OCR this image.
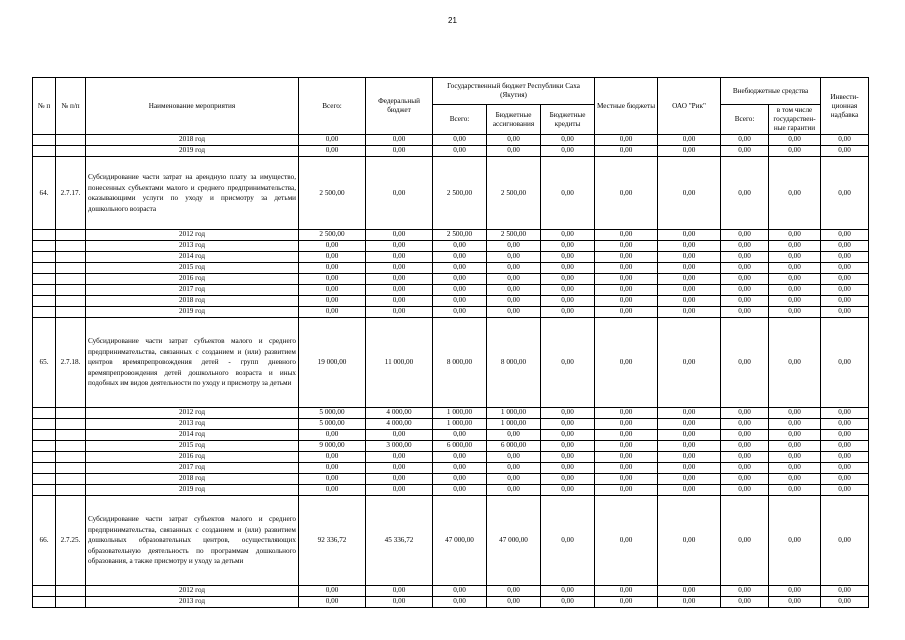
21
№ п	№ п/п	Наименование мероприятия	Всего:	Федеральный бюджет	Государственный бюджет Республики Саха (Якутия)			Местные бюджеты	ОАО "Рик"	Внебюджетные средства		Инвести-ционная надбавка
					Всего:	Бюджетные ассигнования	Бюджетные кредиты			Всего:	в том числе государствен-ные гарантии	
		2018 год	0,00	0,00	0,00	0,00	0,00	0,00	0,00	0,00	0,00	0,00
		2019 год	0,00	0,00	0,00	0,00	0,00	0,00	0,00	0,00	0,00	0,00
64.	2.7.17.	Субсидирование части затрат на арендную плату за имущество, понесенных субъектами малого и среднего предпринимательства, оказывающими услуги по уходу и присмотру за детьми дошкольного возраста	2 500,00	0,00	2 500,00	2 500,00	0,00	0,00	0,00	0,00	0,00	0,00
		2012 год	2 500,00	0,00	2 500,00	2 500,00	0,00	0,00	0,00	0,00	0,00	0,00
		2013 год	0,00	0,00	0,00	0,00	0,00	0,00	0,00	0,00	0,00	0,00
		2014 год	0,00	0,00	0,00	0,00	0,00	0,00	0,00	0,00	0,00	0,00
		2015 год	0,00	0,00	0,00	0,00	0,00	0,00	0,00	0,00	0,00	0,00
		2016 год	0,00	0,00	0,00	0,00	0,00	0,00	0,00	0,00	0,00	0,00
		2017 год	0,00	0,00	0,00	0,00	0,00	0,00	0,00	0,00	0,00	0,00
		2018 год	0,00	0,00	0,00	0,00	0,00	0,00	0,00	0,00	0,00	0,00
		2019 год	0,00	0,00	0,00	0,00	0,00	0,00	0,00	0,00	0,00	0,00
65.	2.7.18.	Субсидирование части затрат субъектов малого и среднего предпринимательства, связанных с созданием и (или) развитием центров времяпрепровождения детей - групп дневного времяпрепровождения детей дошкольного возраста и иных подобных им видов деятельности по уходу и присмотру за детьми	19 000,00	11 000,00	8 000,00	8 000,00	0,00	0,00	0,00	0,00	0,00	0,00
		2012 год	5 000,00	4 000,00	1 000,00	1 000,00	0,00	0,00	0,00	0,00	0,00	0,00
		2013 год	5 000,00	4 000,00	1 000,00	1 000,00	0,00	0,00	0,00	0,00	0,00	0,00
		2014 год	0,00	0,00	0,00	0,00	0,00	0,00	0,00	0,00	0,00	0,00
		2015 год	9 000,00	3 000,00	6 000,00	6 000,00	0,00	0,00	0,00	0,00	0,00	0,00
		2016 год	0,00	0,00	0,00	0,00	0,00	0,00	0,00	0,00	0,00	0,00
		2017 год	0,00	0,00	0,00	0,00	0,00	0,00	0,00	0,00	0,00	0,00
		2018 год	0,00	0,00	0,00	0,00	0,00	0,00	0,00	0,00	0,00	0,00
		2019 год	0,00	0,00	0,00	0,00	0,00	0,00	0,00	0,00	0,00	0,00
66.	2.7.25.	Субсидирование части затрат субъектов малого и среднего предпринимательства, связанных с созданием и (или) развитием дошкольных образовательных центров, осуществляющих образовательную деятельность по программам дошкольного образования, а также присмотру и уходу за детьми	92 336,72	45 336,72	47 000,00	47 000,00	0,00	0,00	0,00	0,00	0,00	0,00
		2012 год	0,00	0,00	0,00	0,00	0,00	0,00	0,00	0,00	0,00	0,00
		2013 год	0,00	0,00	0,00	0,00	0,00	0,00	0,00	0,00	0,00	0,00
